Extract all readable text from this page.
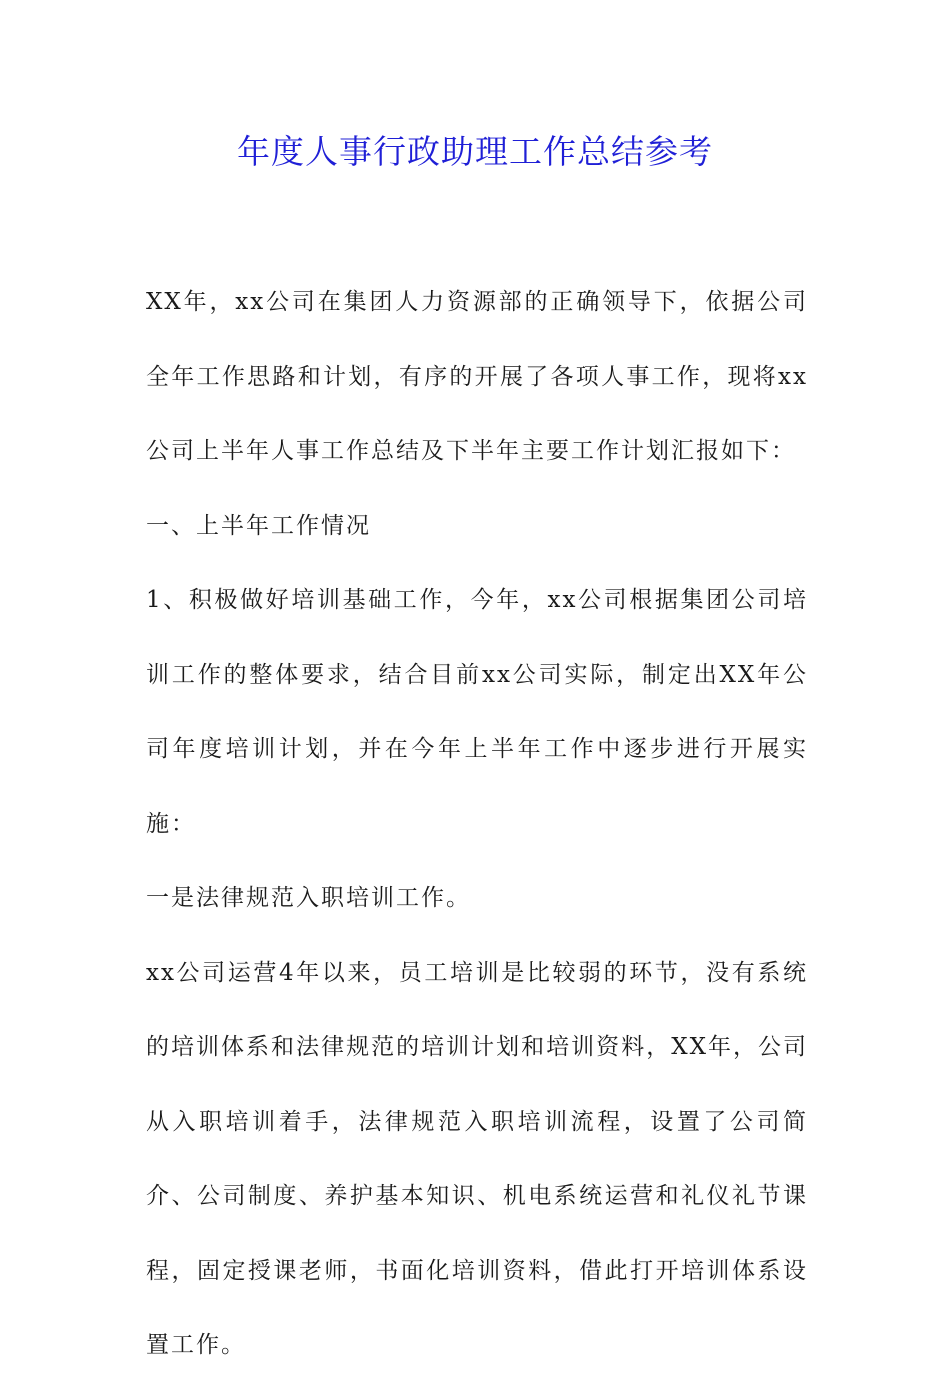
年度人事行政助理工作总结参考

XX年，xx公司在集团人力资源部的正确领导下，依据公司全年工作思路和计划，有序的开展了各项人事工作，现将xx公司上半年人事工作总结及下半年主要工作计划汇报如下：

一、上半年工作情况

1、积极做好培训基础工作，今年，xx公司根据集团公司培训工作的整体要求，结合目前xx公司实际，制定出XX年公司年度培训计划，并在今年上半年工作中逐步进行开展实施：

一是法律规范入职培训工作。

xx公司运营4年以来，员工培训是比较弱的环节，没有系统的培训体系和法律规范的培训计划和培训资料，XX年，公司从入职培训着手，法律规范入职培训流程，设置了公司简介、公司制度、养护基本知识、机电系统运营和礼仪礼节课程，固定授课老师，书面化培训资料，借此打开培训体系设置工作。
